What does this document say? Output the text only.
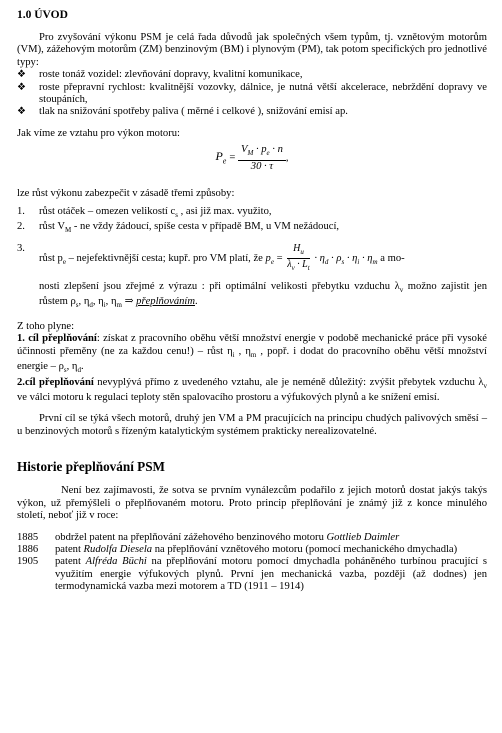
1.0 ÚVOD

Pro zvyšování výkonu PSM je celá řada důvodů jak společných všem typům, tj. vznětovým motorům (VM), zážehovým motorům (ZM) benzinovým (BM) i plynovým (PM), tak potom specifických pro jednotlivé typy:

❖ roste tonáž vozidel: zlevňování dopravy, kvalitní komunikace,
❖ roste přepravní rychlost: kvalitnější vozovky, dálnice, je nutná větší akcelerace, nebrždění dopravy ve stoupáních,
❖ tlak na snižování spotřeby paliva ( měrné i celkové ), snižování emisí ap.

Jak víme ze vztahu pro výkon motoru:

$P_e = \frac{V_M \cdot p_e \cdot n}{30 \cdot \tau}$ ,

lze růst výkonu zabezpečit v zásadě třemi způsoby:

1. růst otáček – omezen velikostí $c_s$ , asi již max. využito,
2. růst $V_M$ - ne vždy žádoucí, spíše cesta v případě BM, u VM nežádoucí,
3.
růst $p_e$ – nejefektivnější cesta; kupř. pro VM platí, že $p_e = \frac{H_u}{\lambda_v \cdot L_t} \cdot \eta_d \cdot \rho_s \cdot \eta_i \cdot \eta_m$ a mo-

nosti zlepšení jsou zřejmé z výrazu : při optimální velikosti přebytku vzduchu $\lambda_v$ možno zajistit jen růstem $\rho_s$, $\eta_d$, $\eta_i$, $\eta_m$ ⇒ přeplňováním.

Z toho plyne:

1. cíl přeplňování: získat z pracovního oběhu větší množství energie v podobě mechanické práce při vysoké účinnosti přeměny (ne za každou cenu!) – růst $\eta_i$ , $\eta_m$ , popř. i dodat do pracovního oběhu větší množství energie – $\rho_s$, $\eta_d$.

2.cíl přeplňování nevyplývá přímo z uvedeného vztahu, ale je neméně důležitý: zvýšit přebytek vzduchu $\lambda_v$ ve válci motoru k regulaci teploty stěn spalovacího prostoru a výfukových plynů a ke snížení emisí.

První cíl se týká všech motorů, druhý jen VM a PM pracujících na principu chudých palivových směsí – u benzinových motorů s řízeným katalytickým systémem prakticky nerealizovatelné.

Historie přeplňování PSM

Není bez zajímavosti, že sotva se prvním vynálezcům podařilo z jejich motorů dostat jakýs takýs výkon, už přemýšleli o přeplňovaném motoru. Proto princip přeplňování je známý již z konce minulého století, neboť již v roce:

1885 obdržel patent na přeplňování zážehového benzinového motoru Gottlieb Daimler
1886 patent Rudolfa Diesela na přeplňování vznětového motoru (pomocí mechanického dmychadla)
1905 patent Alfréda Büchi na přeplňování motoru pomocí dmychadla poháněného turbínou pracující s využitím energie výfukových plynů. První jen mechanická vazba, později (až dodnes) jen termodynamická vazba mezi motorem a TD (1911 – 1914)
